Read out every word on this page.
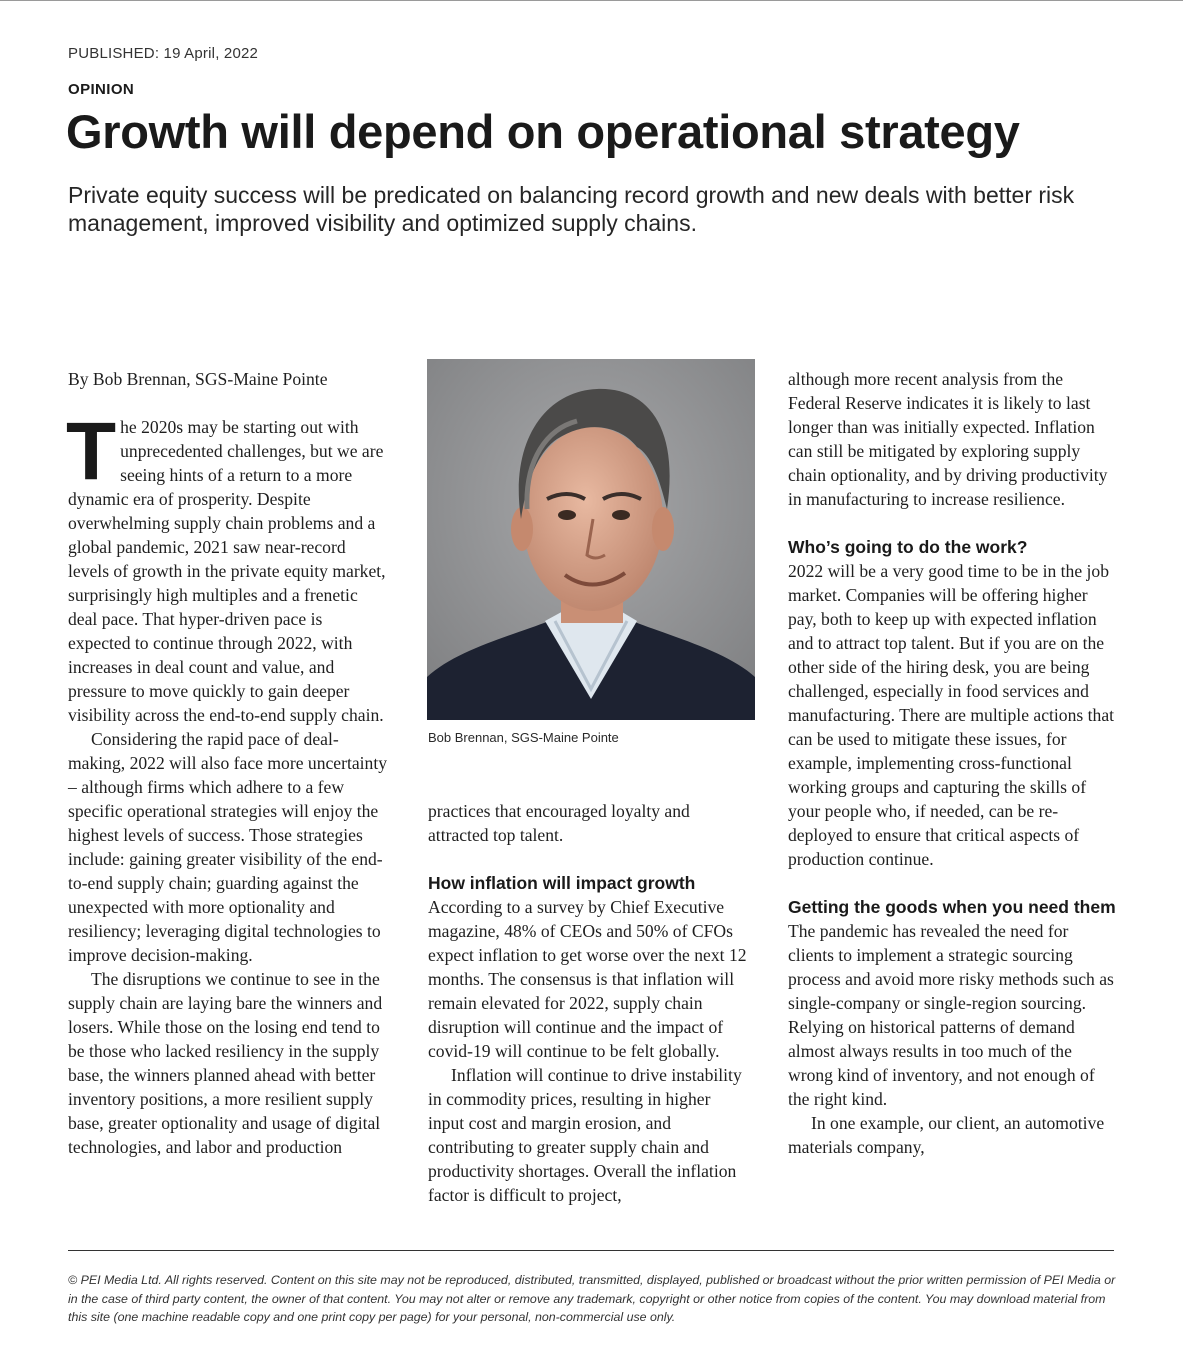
PUBLISHED: 19 April, 2022
OPINION
Growth will depend on operational strategy

Private equity success will be predicated on balancing record growth and new deals with better risk management, improved visibility and optimized supply chains.

By Bob Brennan, SGS-Maine Pointe

The 2020s may be starting out with unprecedented challenges, but we are seeing hints of a return to a more dynamic era of prosperity. Despite overwhelming supply chain problems and a global pandemic, 2021 saw near-record levels of growth in the private equity market, surprisingly high multiples and a frenetic deal pace. That hyper-driven pace is expected to continue through 2022, with increases in deal count and value, and pressure to move quickly to gain deeper visibility across the end-to-end supply chain.

Considering the rapid pace of deal-making, 2022 will also face more uncertainty – although firms which adhere to a few specific operational strategies will enjoy the highest levels of success. Those strategies include: gaining greater visibility of the end-to-end supply chain; guarding against the unexpected with more optionality and resiliency; leveraging digital technologies to improve decision-making.

The disruptions we continue to see in the supply chain are laying bare the winners and losers. While those on the losing end tend to be those who lacked resiliency in the supply base, the winners planned ahead with better inventory positions, a more resilient supply base, greater optionality and usage of digital technologies, and labor and production

Bob Brennan, SGS-Maine Pointe

practices that encouraged loyalty and attracted top talent.

How inflation will impact growth

According to a survey by Chief Executive magazine, 48% of CEOs and 50% of CFOs expect inflation to get worse over the next 12 months. The consensus is that inflation will remain elevated for 2022, supply chain disruption will continue and the impact of covid-19 will continue to be felt globally.

Inflation will continue to drive instability in commodity prices, resulting in higher input cost and margin erosion, and contributing to greater supply chain and productivity shortages. Overall the inflation factor is difficult to project,

although more recent analysis from the Federal Reserve indicates it is likely to last longer than was initially expected. Inflation can still be mitigated by exploring supply chain optionality, and by driving productivity in manufacturing to increase resilience.

Who’s going to do the work?

2022 will be a very good time to be in the job market. Companies will be offering higher pay, both to keep up with expected inflation and to attract top talent. But if you are on the other side of the hiring desk, you are being challenged, especially in food services and manufacturing. There are multiple actions that can be used to mitigate these issues, for example, implementing cross-functional working groups and capturing the skills of your people who, if needed, can be re-deployed to ensure that critical aspects of production continue.

Getting the goods when you need them

The pandemic has revealed the need for clients to implement a strategic sourcing process and avoid more risky methods such as single-company or single-region sourcing. Relying on historical patterns of demand almost always results in too much of the wrong kind of inventory, and not enough of the right kind.

In one example, our client, an automotive materials company,

© PEI Media Ltd. All rights reserved. Content on this site may not be reproduced, distributed, transmitted, displayed, published or broadcast without the prior written permission of PEI Media or in the case of third party content, the owner of that content. You may not alter or remove any trademark, copyright or other notice from copies of the content. You may download material from this site (one machine readable copy and one print copy per page) for your personal, non-commercial use only.
